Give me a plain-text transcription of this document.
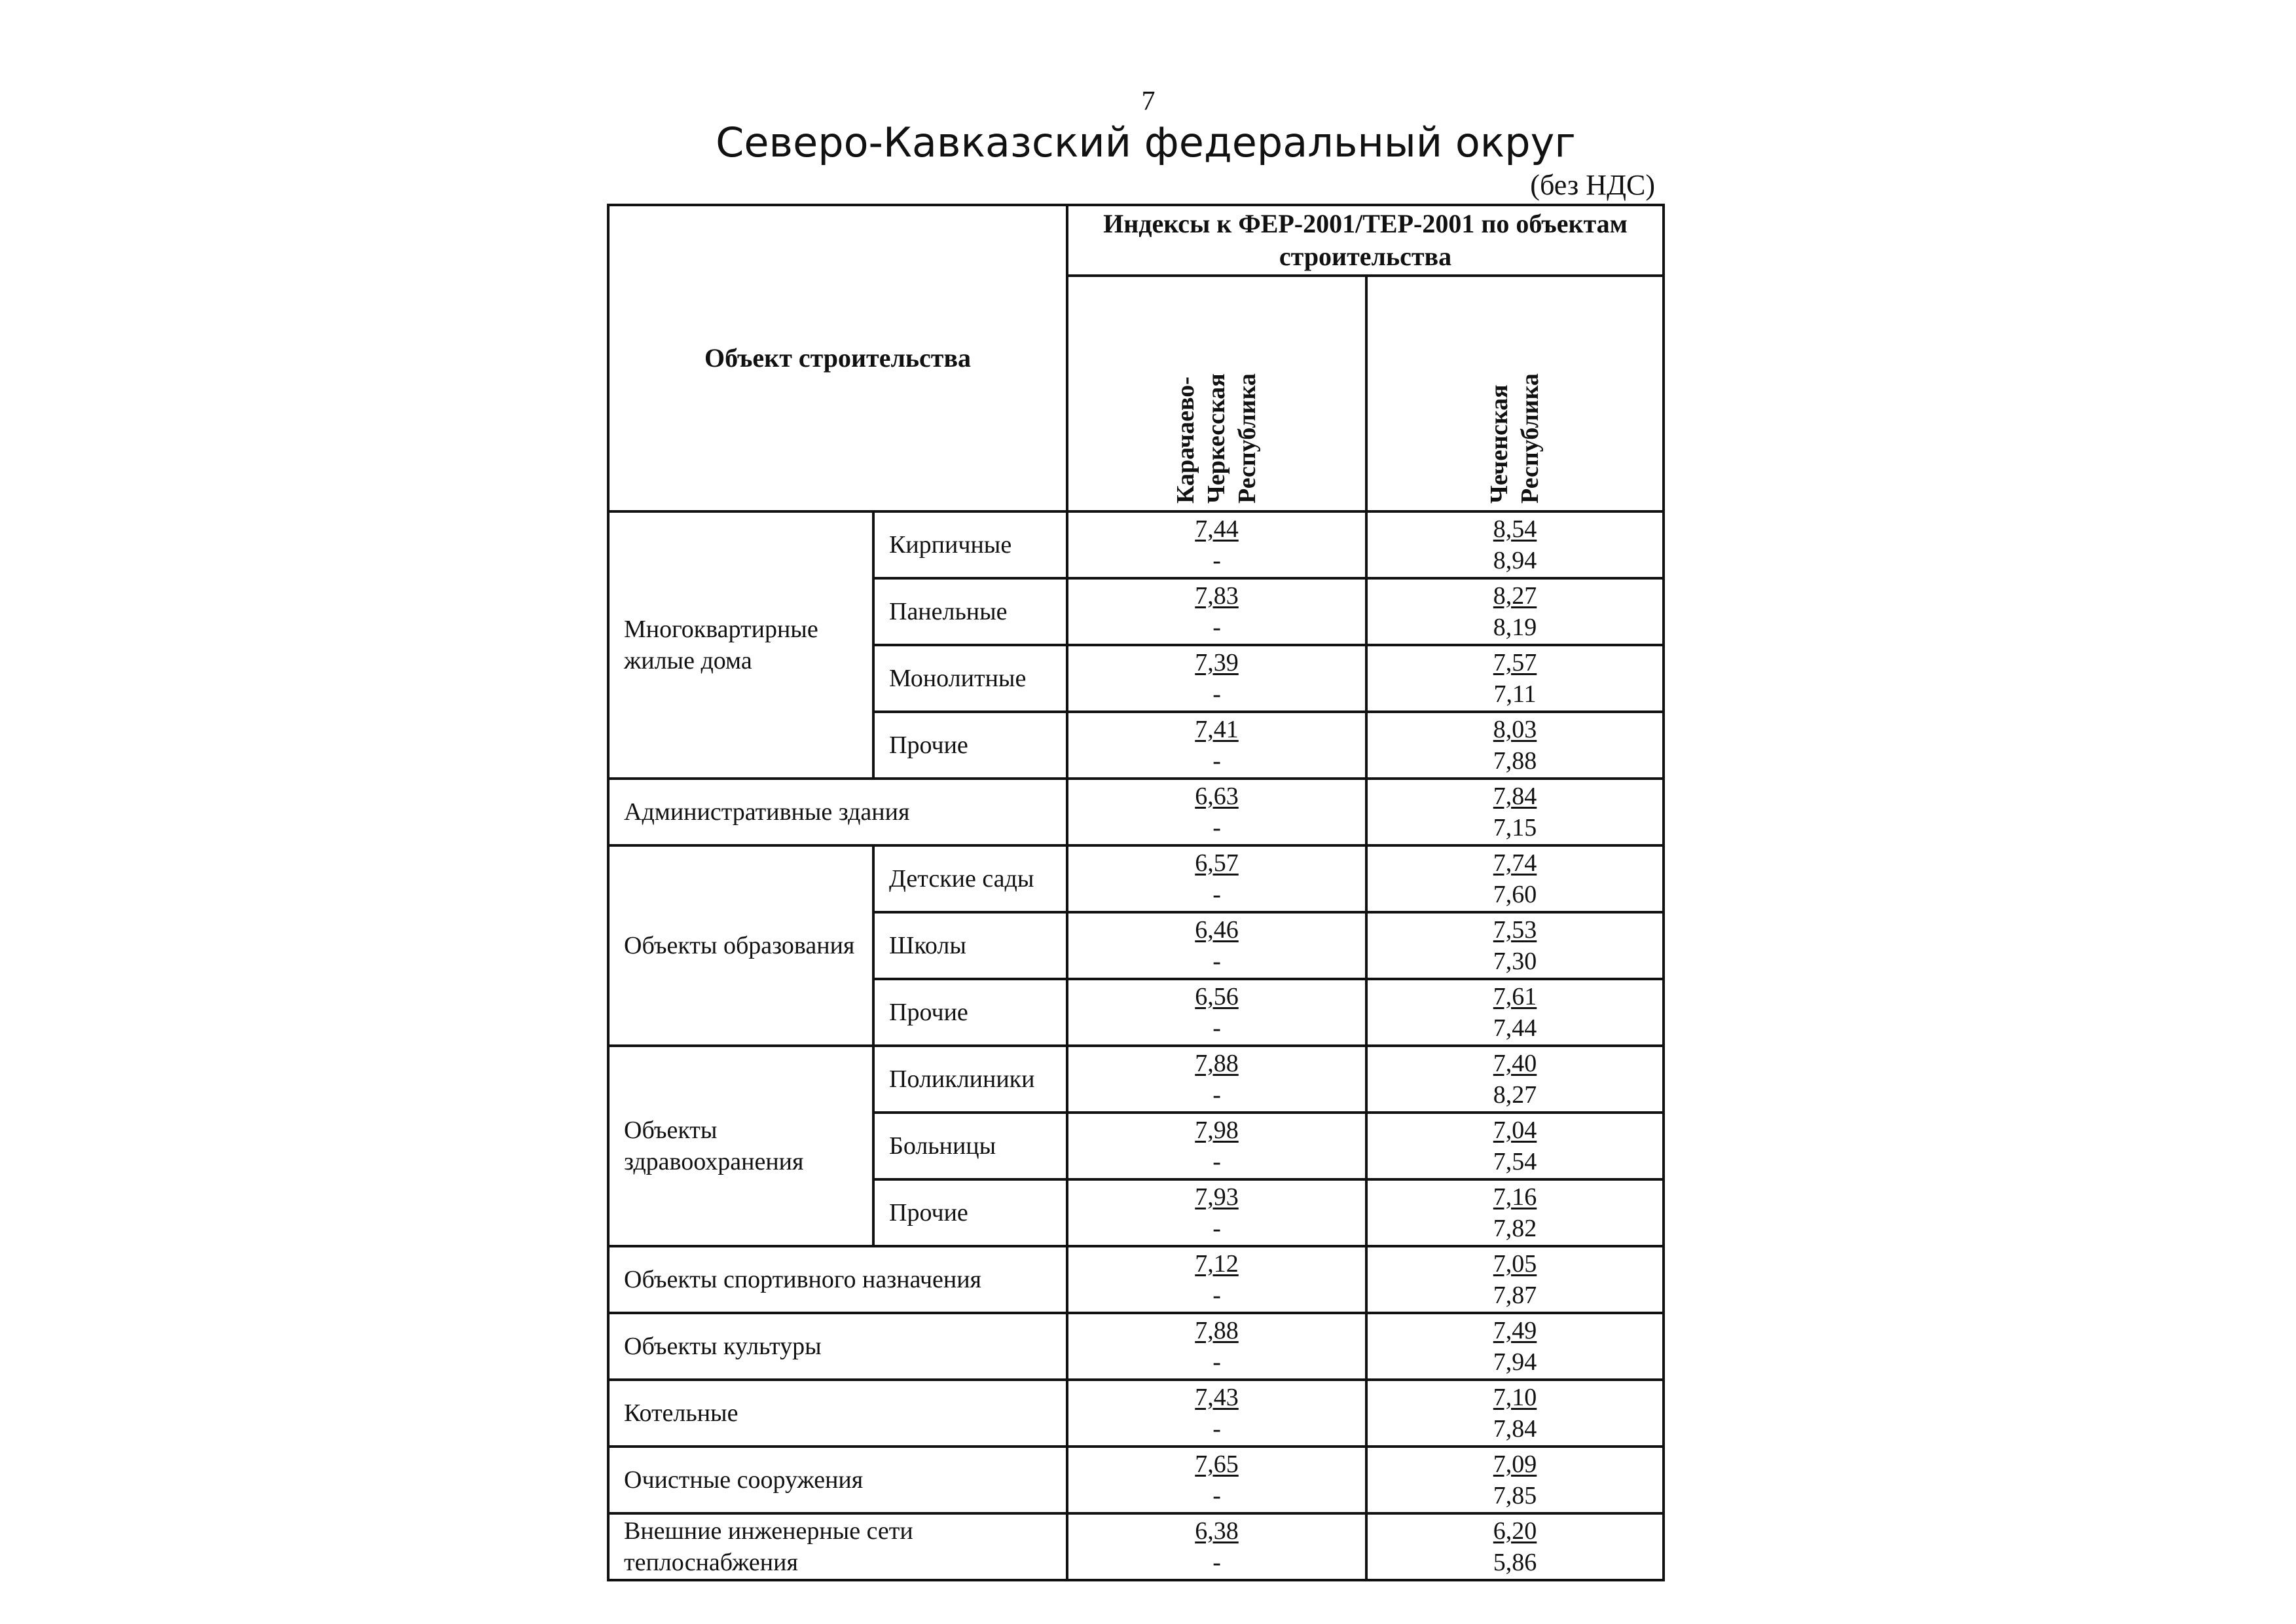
7
Северо-Кавказский федеральный округ
(без НДС)
Объект строительства		Индексы к ФЕР-2001/ТЕР-2001 по объектам строительства	
		Карачаево-Черкесская Республика	Чеченская Республика
Многоквартирные жилые дома	Кирпичные	$\frac{7,44}{-}$	$\frac{8,54}{8,94}$

	Панельные	$\frac{7,83}{-}$	$\frac{8,27}{8,19}$

	Монолитные	$\frac{7,39}{-}$	$\frac{7,57}{7,11}$

	Прочие	$\frac{7,41}{-}$	$\frac{8,03}{7,88}$

Административные здания		$\frac{6,63}{-}$	$\frac{7,84}{7,15}$

Объекты образования	Детские сады	$\frac{6,57}{-}$	$\frac{7,74}{7,60}$

	Школы	$\frac{6,46}{-}$	$\frac{7,53}{7,30}$

	Прочие	$\frac{6,56}{-}$	$\frac{7,61}{7,44}$

Объекты здравоохранения	Поликлиники	$\frac{7,88}{-}$	$\frac{7,40}{8,27}$

	Больницы	$\frac{7,98}{-}$	$\frac{7,04}{7,54}$

	Прочие	$\frac{7,93}{-}$	$\frac{7,16}{7,82}$

Объекты спортивного назначения		$\frac{7,12}{-}$	$\frac{7,05}{7,87}$

Объекты культуры		$\frac{7,88}{-}$	$\frac{7,49}{7,94}$

Котельные		$\frac{7,43}{-}$	$\frac{7,10}{7,84}$

Очистные сооружения		$\frac{7,65}{-}$	$\frac{7,09}{7,85}$

Внешние инженерные сети теплоснабжения		$\frac{6,38}{-}$	$\frac{6,20}{5,86}$
